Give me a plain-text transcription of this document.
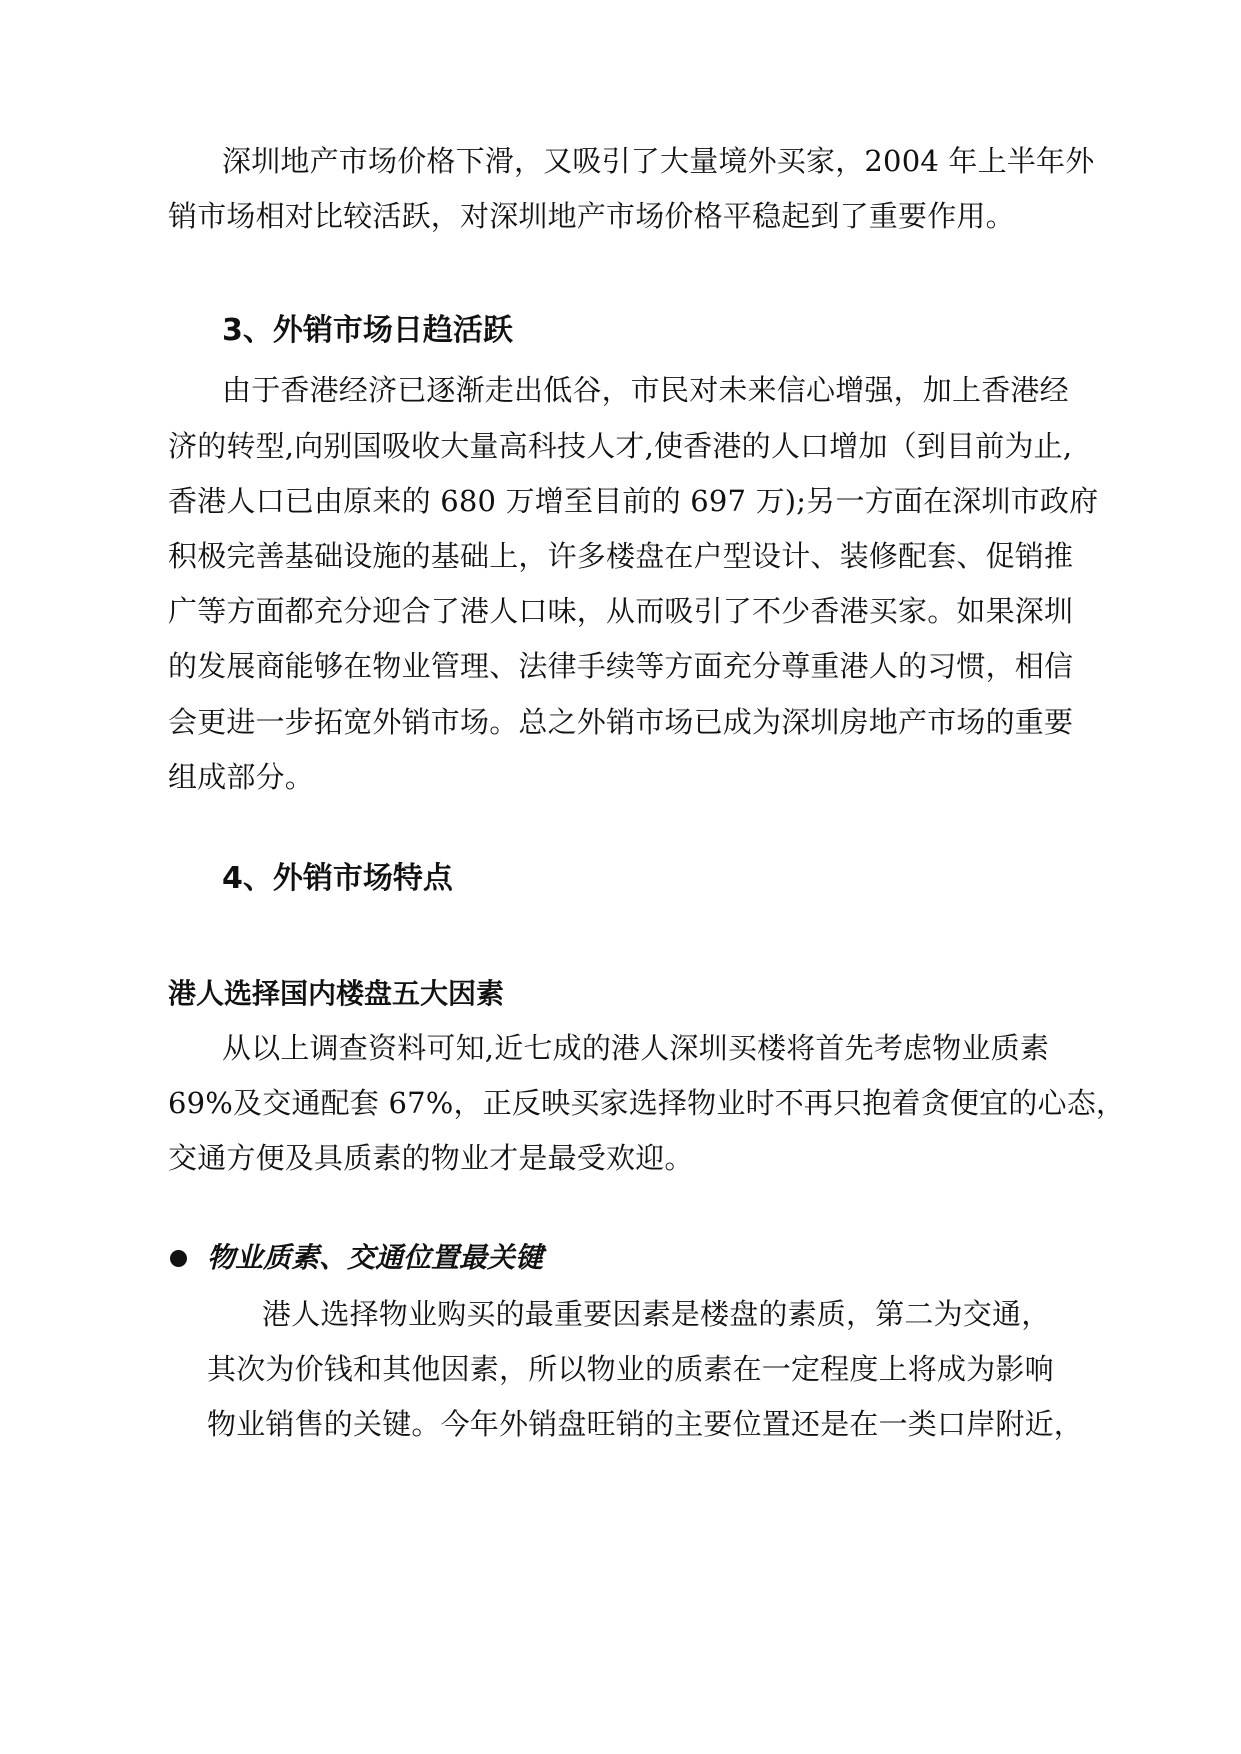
深圳地产市场价格下滑，又吸引了大量境外买家，2004 年上半年外
销市场相对比较活跃，对深圳地产市场价格平稳起到了重要作用。
3、外销市场日趋活跃
由于香港经济已逐渐走出低谷，市民对未来信心增强，加上香港经
济的转型,向别国吸收大量高科技人才,使香港的人口增加（到目前为止,
香港人口已由原来的 680 万增至目前的 697 万);另一方面在深圳市政府
积极完善基础设施的基础上，许多楼盘在户型设计、装修配套、促销推
广等方面都充分迎合了港人口味，从而吸引了不少香港买家。如果深圳
的发展商能够在物业管理、法律手续等方面充分尊重港人的习惯，相信
会更进一步拓宽外销市场。总之外销市场已成为深圳房地产市场的重要
组成部分。
4、外销市场特点
港人选择国内楼盘五大因素
从以上调查资料可知,近七成的港人深圳买楼将首先考虑物业质素
69%及交通配套 67%，正反映买家选择物业时不再只抱着贪便宜的心态，
交通方便及具质素的物业才是最受欢迎。
物业质素、交通位置最关键
港人选择物业购买的最重要因素是楼盘的素质，第二为交通，
其次为价钱和其他因素，所以物业的质素在一定程度上将成为影响
物业销售的关键。今年外销盘旺销的主要位置还是在一类口岸附近，
